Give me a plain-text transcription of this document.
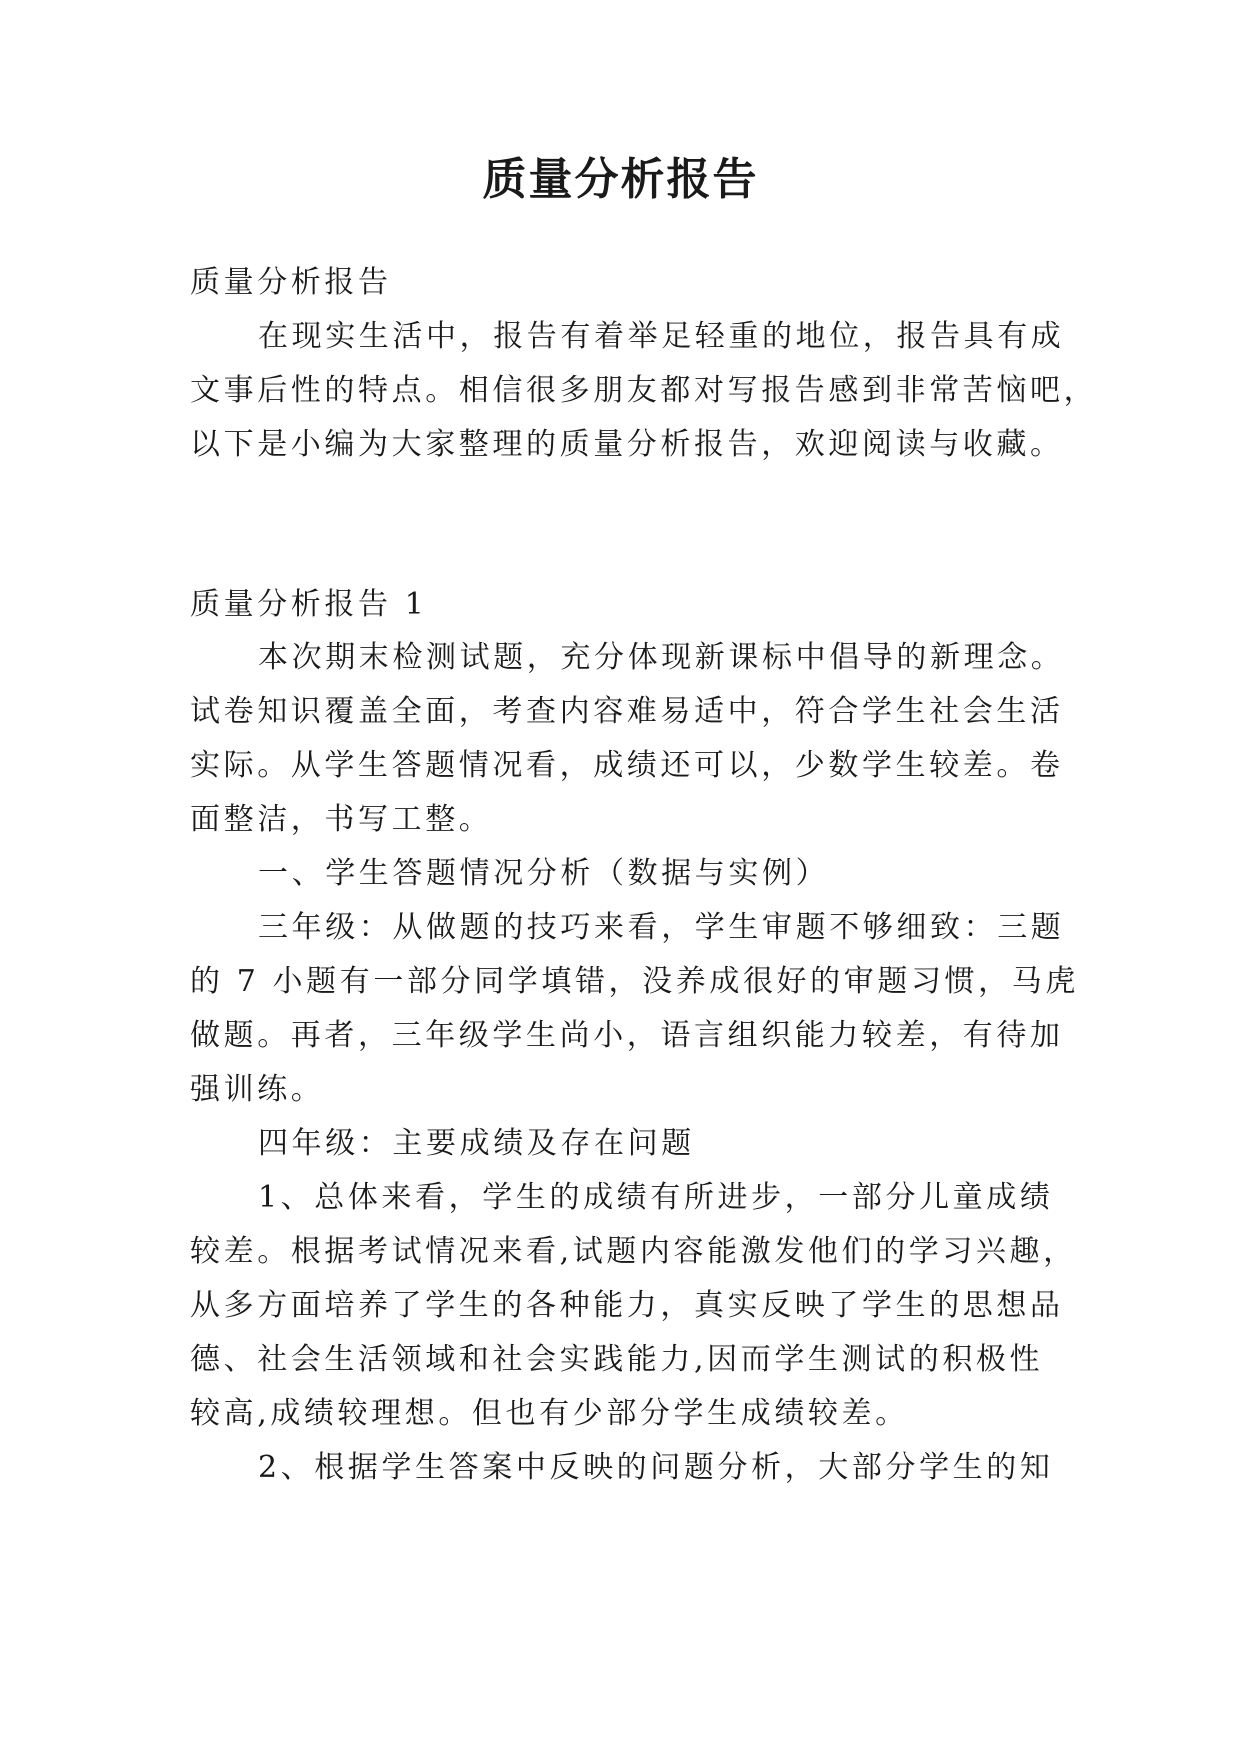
质量分析报告
质量分析报告
在现实生活中，报告有着举足轻重的地位，报告具有成
文事后性的特点。相信很多朋友都对写报告感到非常苦恼吧，
以下是小编为大家整理的质量分析报告，欢迎阅读与收藏。
质量分析报告 1
本次期末检测试题，充分体现新课标中倡导的新理念。
试卷知识覆盖全面，考查内容难易适中，符合学生社会生活
实际。从学生答题情况看，成绩还可以，少数学生较差。卷
面整洁，书写工整。
一、学生答题情况分析（数据与实例）
三年级：从做题的技巧来看，学生审题不够细致：三题
的 7 小题有一部分同学填错，没养成很好的审题习惯，马虎
做题。再者，三年级学生尚小，语言组织能力较差，有待加
强训练。
四年级：主要成绩及存在问题
1、总体来看，学生的成绩有所进步，一部分儿童成绩
较差。根据考试情况来看,试题内容能激发他们的学习兴趣，
从多方面培养了学生的各种能力，真实反映了学生的思想品
德、社会生活领域和社会实践能力,因而学生测试的积极性
较高,成绩较理想。但也有少部分学生成绩较差。
2、根据学生答案中反映的问题分析，大部分学生的知
